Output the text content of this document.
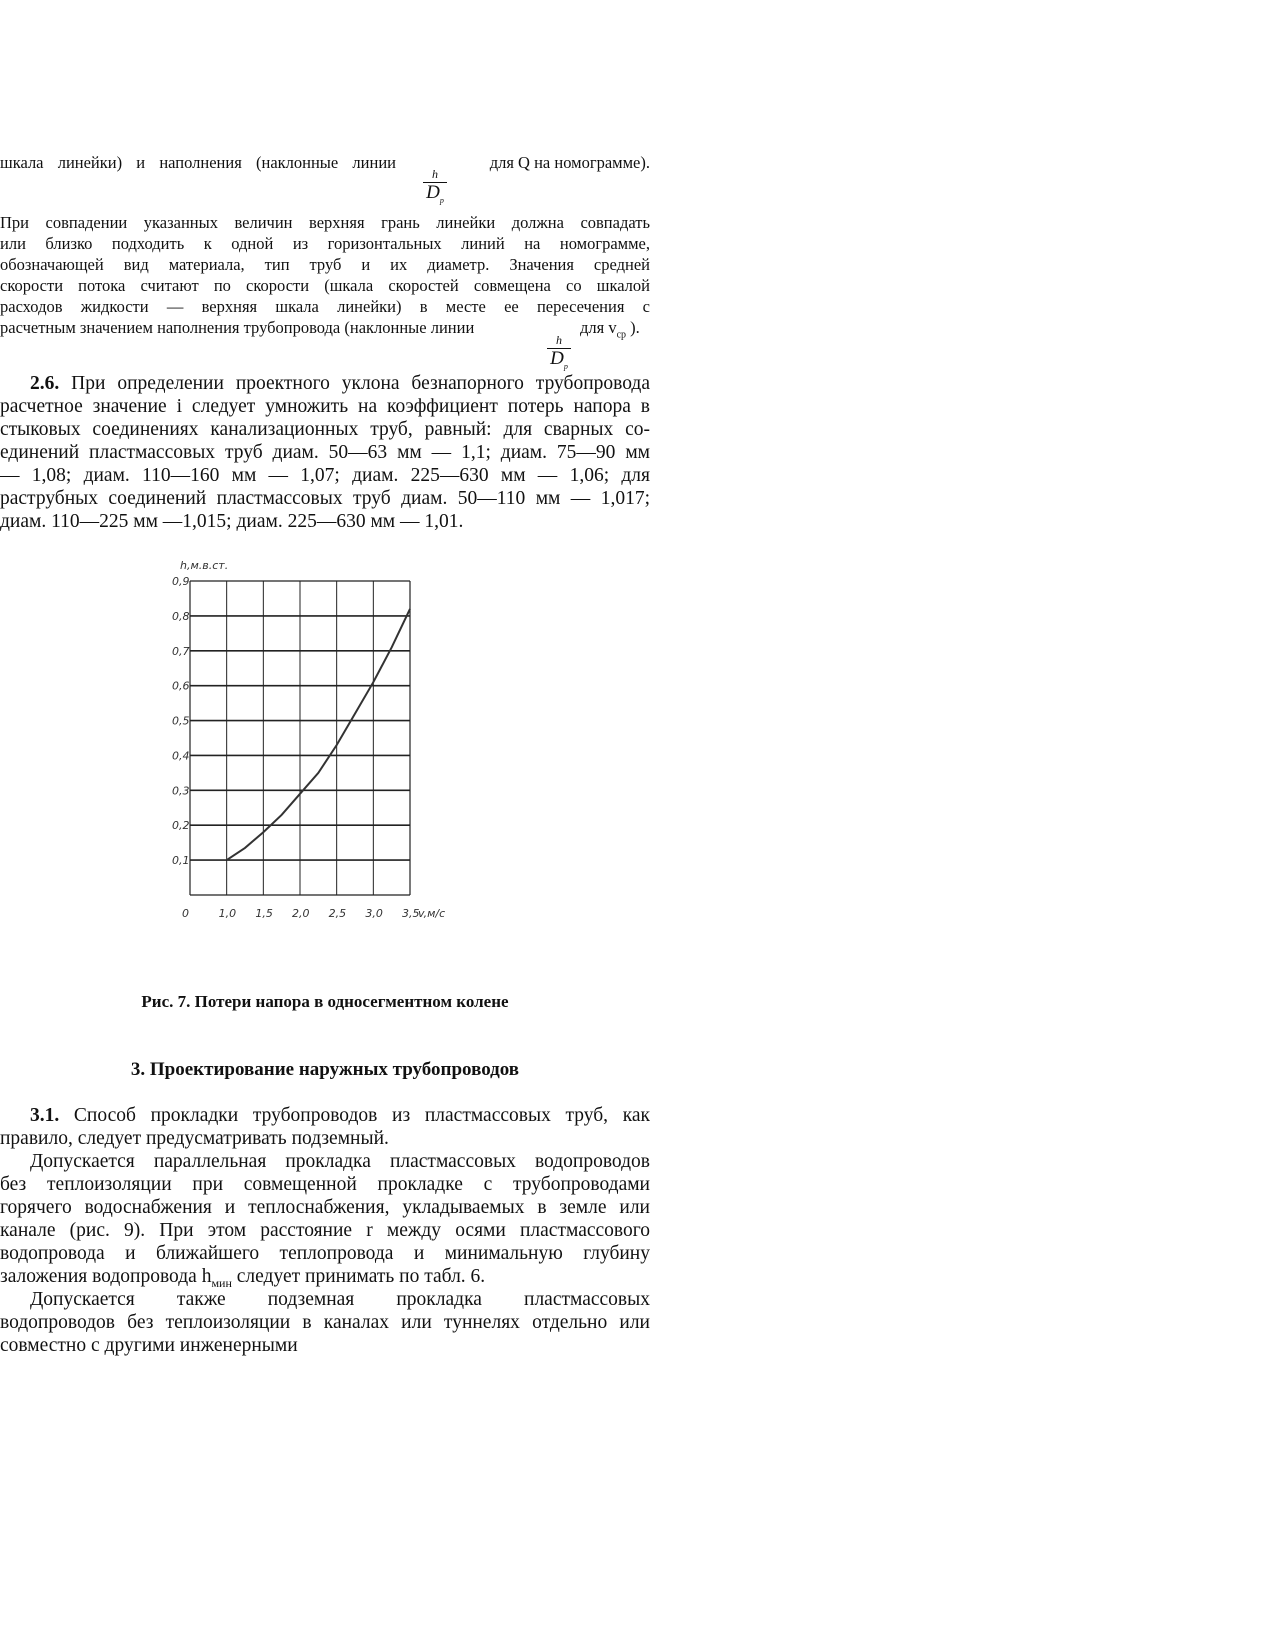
шкала линейки) и наполнения (наклонные линии	для Q на номограмме).
h
$D_р$
При совпадении указанных величин верхняя грань линейки должна совпадать
или близко подходить к одной из горизонтальных линий на номограмме,
обозначающей вид материала, тип труб и их диаметр. Значения средней
скорости потока считают по скорости (шкала скоростей совмещена со шкалой
расходов жидкости — верхняя шкала линейки) в месте ее пересечения с
расчетным значением наполнения трубопровода (наклонные линии	для $v_{ср}$ ).
h
$D_р$
2.6. При определении проектного уклона безнапорного трубопровода
расчетное значение i следует умножить на коэффициент потерь напора в
стыковых соединениях канализационных труб, равный: для сварных со-
единений пластмассовых труб диам. 50—63 мм — 1,1; диам. 75—90 мм
— 1,08; диам. 110—160 мм — 1,07; диам. 225—630 мм — 1,06; для
раструбных соединений пластмассовых труб диам. 50—110 мм — 1,017;
диам. 110—225 мм —1,015; диам. 225—630 мм — 1,01.
h,м.в.ст.
0,1
0,2
0,3
0,4
0,5
0,6
0,7
0,8
0,9
0	1,0 1,5 2,0 2,5 3,0 3,5
v,м/с
Рис. 7. Потери напора в односегментном колене
3. Проектирование наружных трубопроводов
3.1. Способ прокладки трубопроводов из пластмассовых труб, как
правило, следует предусматривать подземный.
Допускается параллельная прокладка пластмассовых водопроводов
без теплоизоляции при совмещенной прокладке с трубопроводами
горячего водоснабжения и теплоснабжения, укладываемых в земле или
канале (рис. 9). При этом расстояние r между осями пластмассового
водопровода и ближайшего теплопровода и минимальную глубину
заложения водопровода $h_{мин}$ следует принимать по табл. 6.
Допускается также подземная прокладка пластмассовых
водопроводов без теплоизоляции в каналах или туннелях отдельно или
совместно с другими инженерными
